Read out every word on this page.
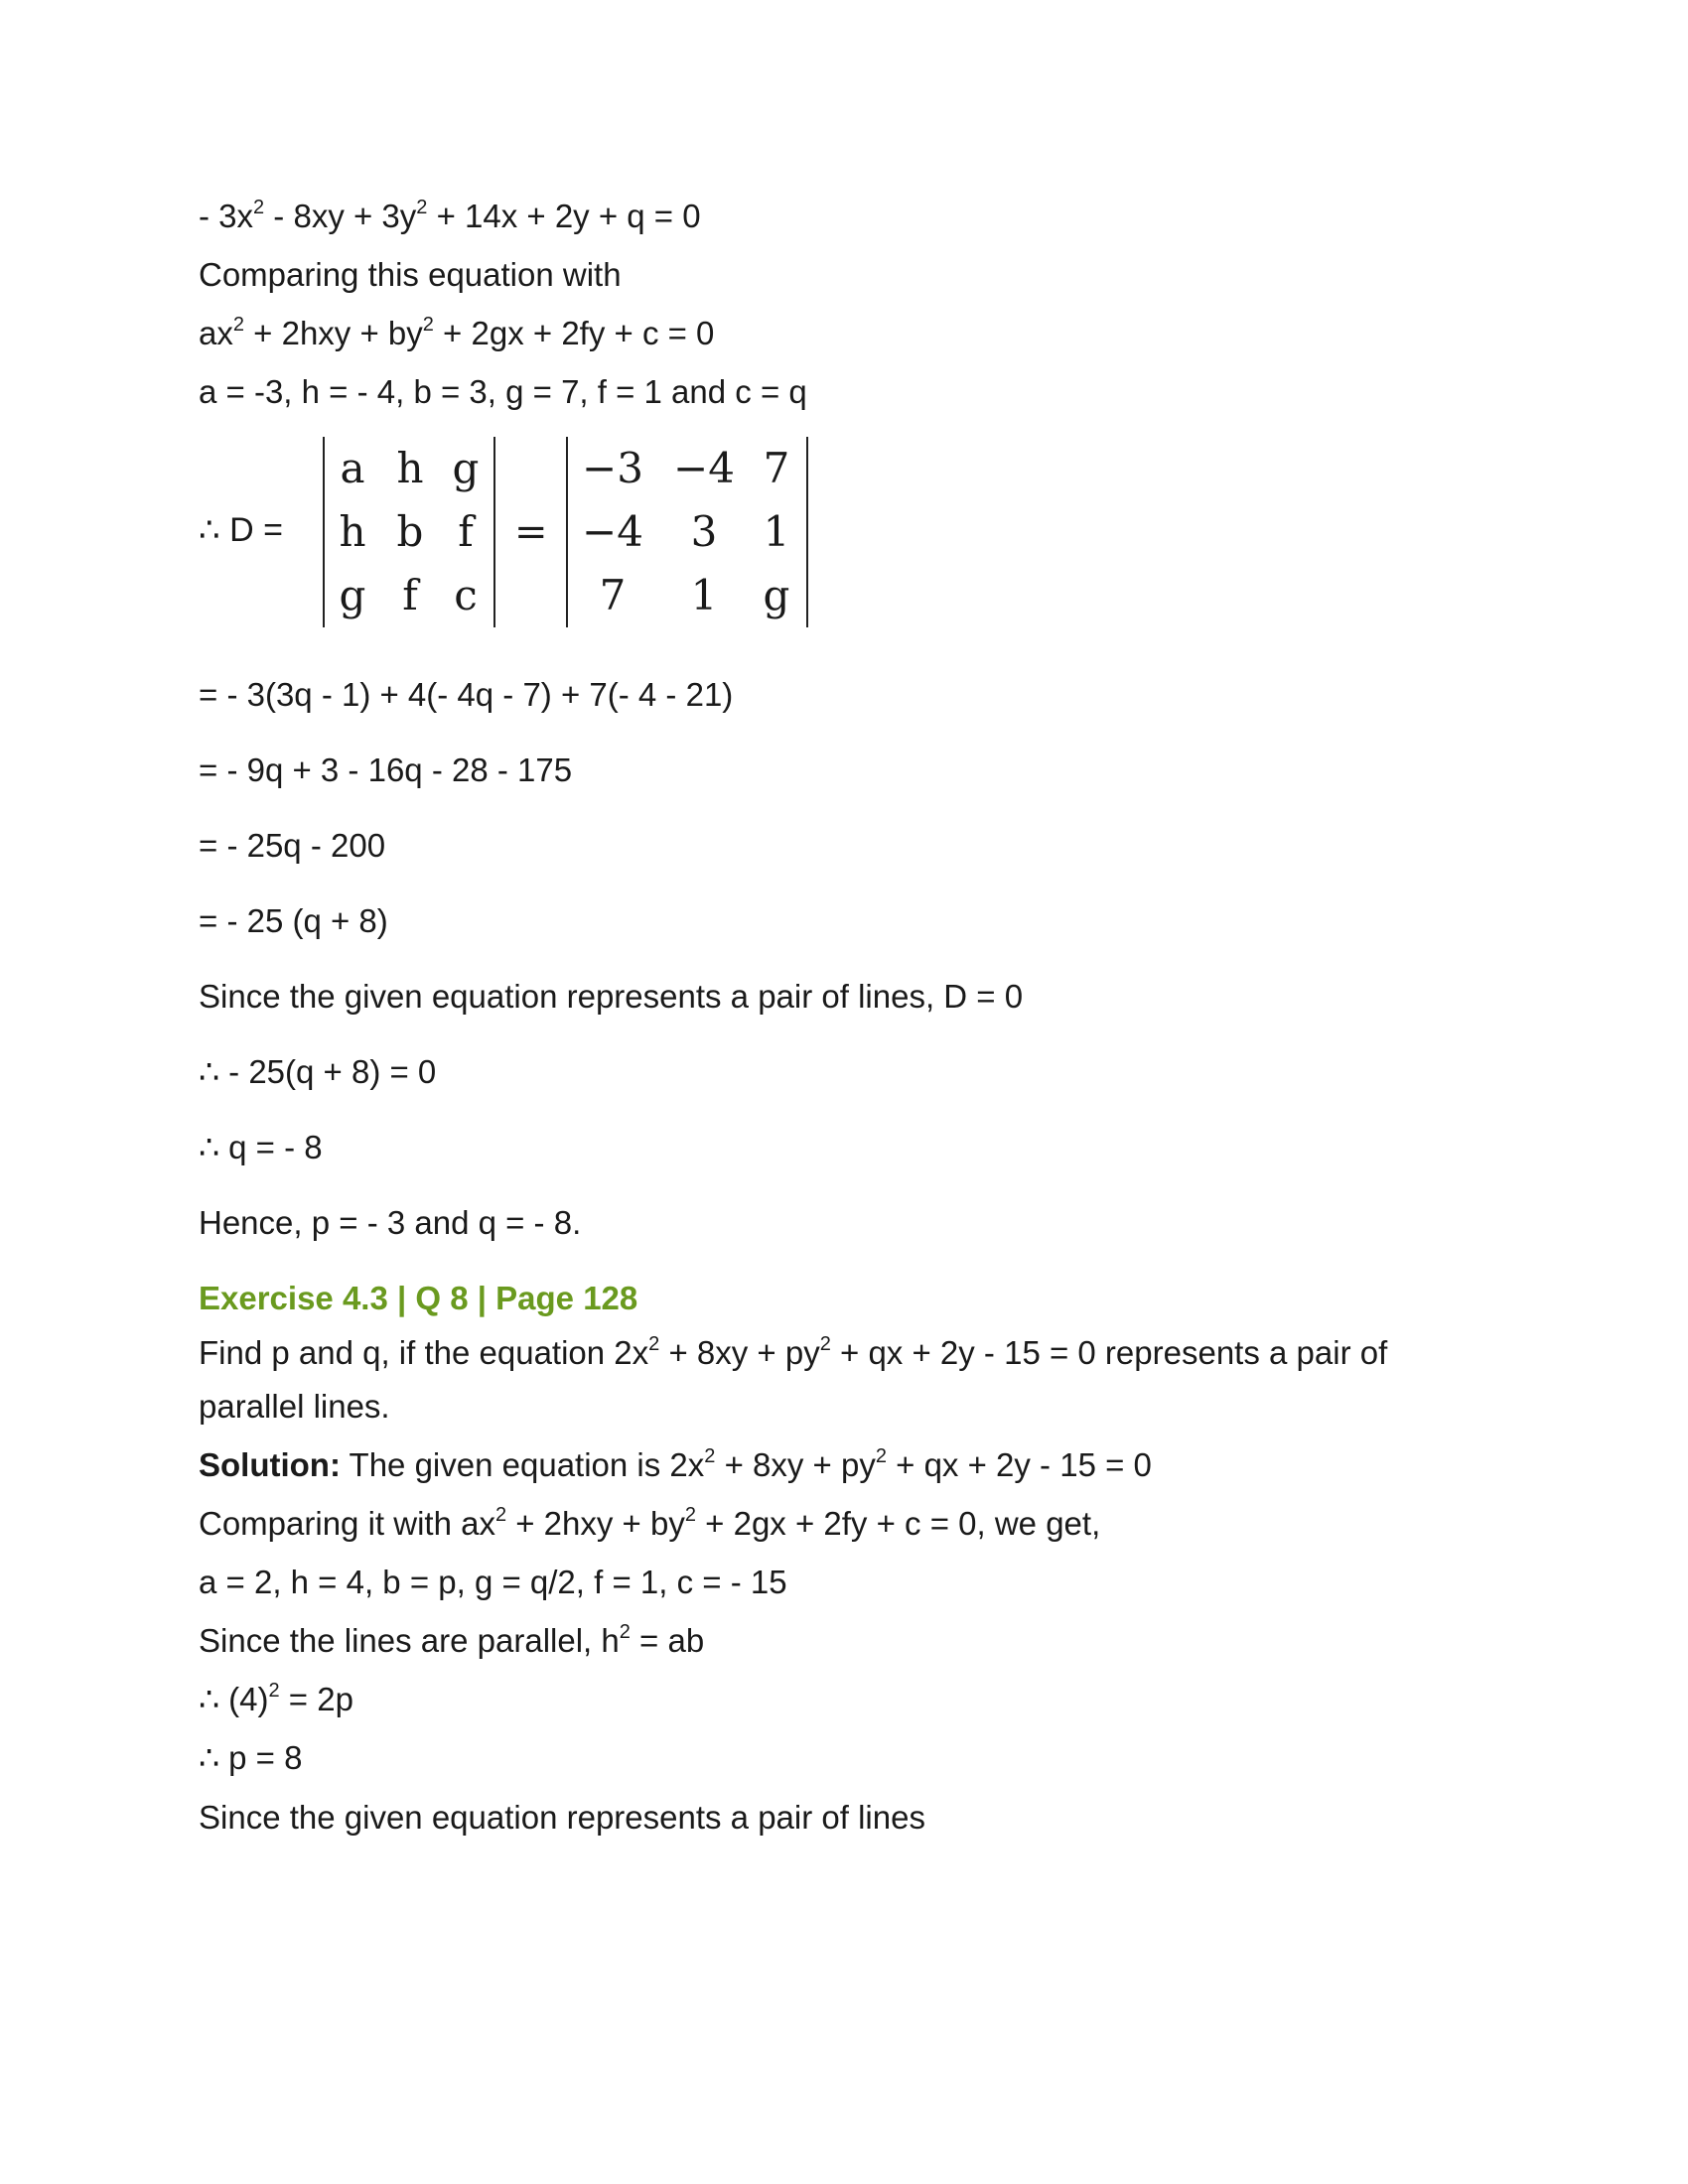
- $3x^2 - 8xy + 3y^2 + 14x + 2y + q = 0$
Comparing this equation with
$ax^2 + 2hxy + by^2 + 2gx + 2fy + c = 0$
a = -3, h = - 4, b = 3, g = 7, f = 1 and c = q
∴ D =
a h g
h b f
g f c
=
−3 −4 7
−4	3	1
7	1	g
= - 3(3q - 1) + 4(- 4q - 7) + 7(- 4 - 21)
= - 9q + 3 - 16q - 28 - 175
= - 25q - 200
= - 25 (q + 8)
Since the given equation represents a pair of lines, D = 0
∴ - 25(q + 8) = 0
∴ q = - 8
Hence, p = - 3 and q = - 8.
Exercise 4.3 | Q 8 | Page 128
Find p and q, if the equation $2x^2 + 8xy + py^2$ + qx + 2y - 15 = 0 represents a pair of
parallel lines.
Solution: The given equation is $2x^2 + 8xy + py^2$ + qx + 2y - 15 = 0
Comparing it with $ax^2 + 2hxy + by^2 + 2gx + 2fy + c = 0$, we get,
a = 2, h = 4, b = p, g = q/2, f = 1, c = - 15
Since the lines are parallel, $h^2$ = ab
∴ $(4)^2 = 2p$
∴ p = 8
Since the given equation represents a pair of lines
